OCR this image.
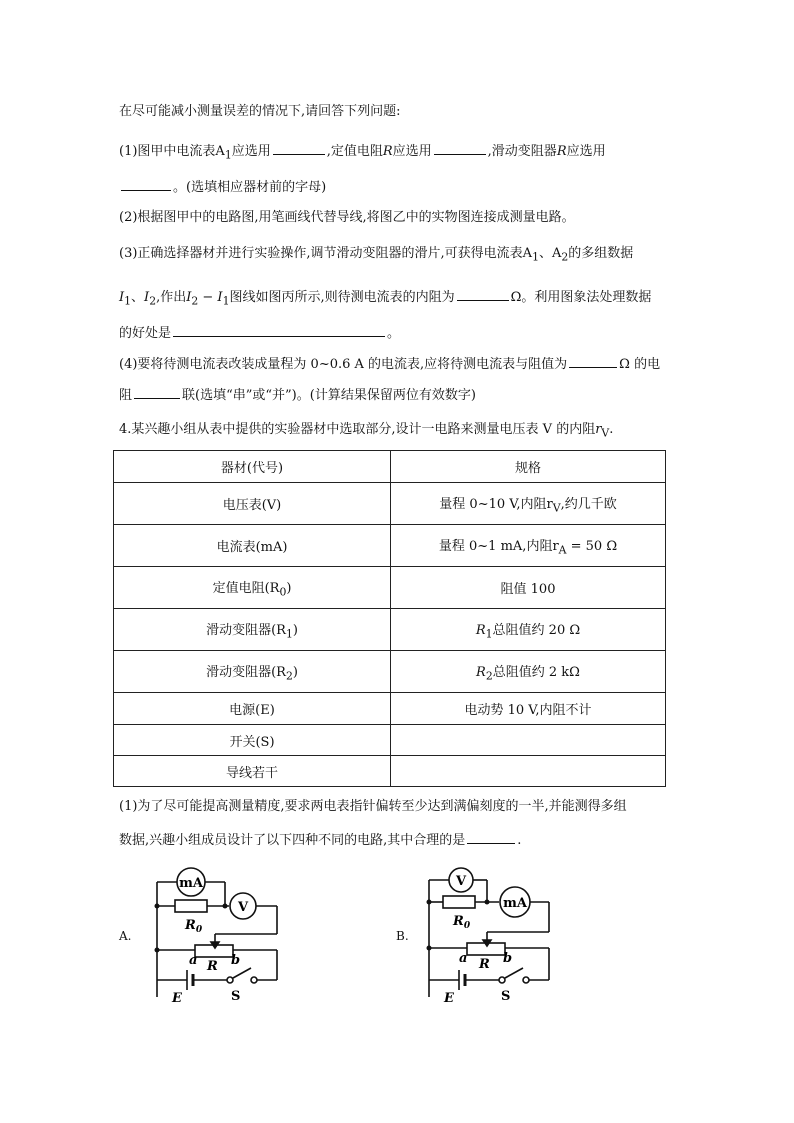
在尽可能减小测量误差的情况下,请回答下列问题:
(1)图甲中电流表$A_1$应选用	,定值电阻R应选用	,滑动变阻器R应选用
。(选填相应器材前的字母)
(2)根据图甲中的电路图,用笔画线代替导线,将图乙中的实物图连接成测量电路。
(3)正确选择器材并进行实验操作,调节滑动变阻器的滑片,可获得电流表$A_1$、$A_2$的多组数据
$I_1$、$I_2$,作出$I_2 - I_1$图线如图丙所示,则待测电流表的内阻为	Ω。利用图象法处理数据
的好处是	。
(4)要将待测电流表改装成量程为 0~0.6 A 的电流表,应将待测电流表与阻值为	Ω 的电
阻	联(选填“串”或“并”)。(计算结果保留两位有效数字)
4.某兴趣小组从表中提供的实验器材中选取部分,设计一电路来测量电压表 V 的内阻$r_V$.
器材(代号)	规格
电压表(V)	量程 0~10 V,内阻$r_V$,约几千欧
电流表(mA)	量程 0~1 mA,内阻$r_A = 50$ Ω
定值电阻$(R_0)$	阻值 100
滑动变阻器$(R_1)$	$R_1$总阻值约 20 Ω
滑动变阻器$(R_2)$	$R_2$总阻值约 2 kΩ
电源(E)	电动势 10 V,内阻不计
开关(S)	
导线若干	
(1)为了尽可能提高测量精度,要求两电表指针偏转至少达到满偏刻度的一半,并能测得多组
数据,兴趣小组成员设计了以下四种不同的电路,其中合理的是	.
A.
mA
V
$R_0$
R
a	b
E	S
B.
V
mA
$R_0$
R
a	b
E	S
